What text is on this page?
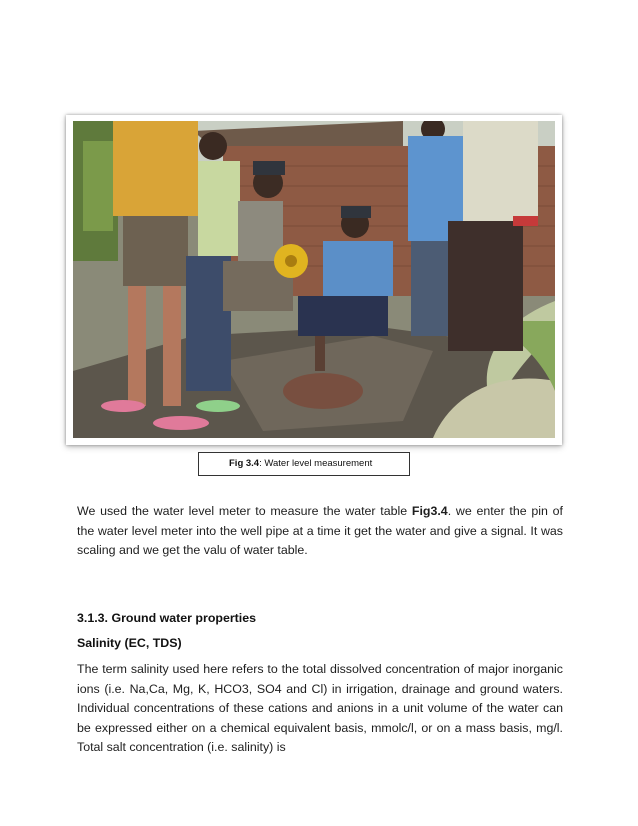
Fig 3.4: Water level measurement

We used the water level meter to measure the water table Fig3.4. we enter the pin of the water level meter into the well pipe at a time it get the water and give a signal. It was scaling and we get the valu of water table.

3.1.3. Ground water properties
Salinity (EC, TDS)

The term salinity used here refers to the total dissolved concentration of major inorganic ions (i.e. Na,Ca, Mg, K, HCO3, SO4 and Cl) in irrigation, drainage and ground waters. Individual concentrations of these cations and anions in a unit volume of the water can be expressed either on a chemical equivalent basis, mmolc/l, or on a mass basis, mg/l. Total salt concentration (i.e. salinity) is
